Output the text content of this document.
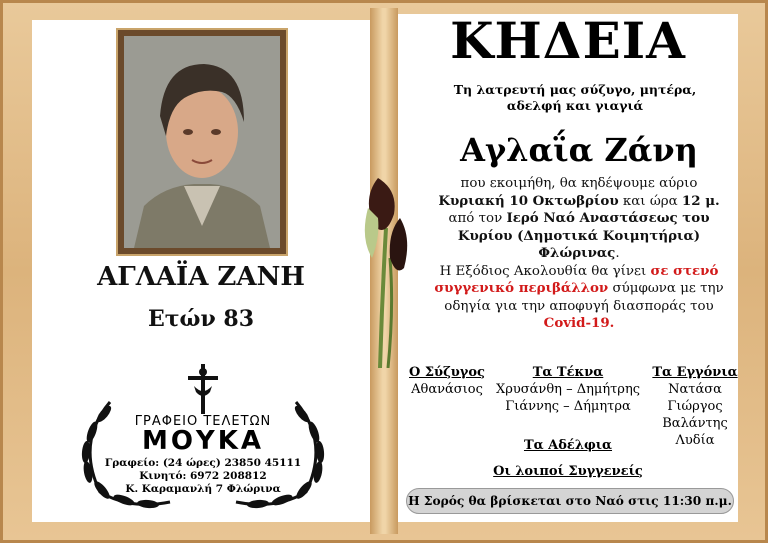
ΑΓΛΑΪΑ ΖΑΝΗ
Ετών 83
ΓΡΑΦΕΙΟ ΤΕΛΕΤΩΝ
ΜΟΥΚΑ
Γραφείο: (24 ώρες) 23850 45111
Κινητό: 6972 208812
Κ. Καραμανλή 7 Φλώρινα
ΚΗΔΕΙΑ
Τη λατρευτή μας σύζυγο, μητέρα,
αδελφή και γιαγιά
Αγλαΐα Ζάνη
που εκοιμήθη, θα κηδέψουμε αύριο
Κυριακή 10 Οκτωβρίου και ώρα 12 μ.
από τον Ιερό Ναό Αναστάσεως του
Κυρίου (Δημοτικά Κοιμητήρια)
Φλώρινας.
Η Εξόδιος Ακολουθία θα γίνει σε στενό
συγγενικό περιβάλλον σύμφωνα με την
οδηγία για την αποφυγή διασποράς του
Covid-19.
Ο Σύζυγος
Αθανάσιος
Τα Τέκνα
Χρυσάνθη – Δημήτρης
Γιάννης – Δήμητρα
Τα Εγγόνια
Νατάσα
Γιώργος
Βαλάντης
Λυδία
Τα Αδέλφια
Οι λοιποί Συγγενείς
Η Σορός θα βρίσκεται στο Ναό στις 11:30 π.μ.
